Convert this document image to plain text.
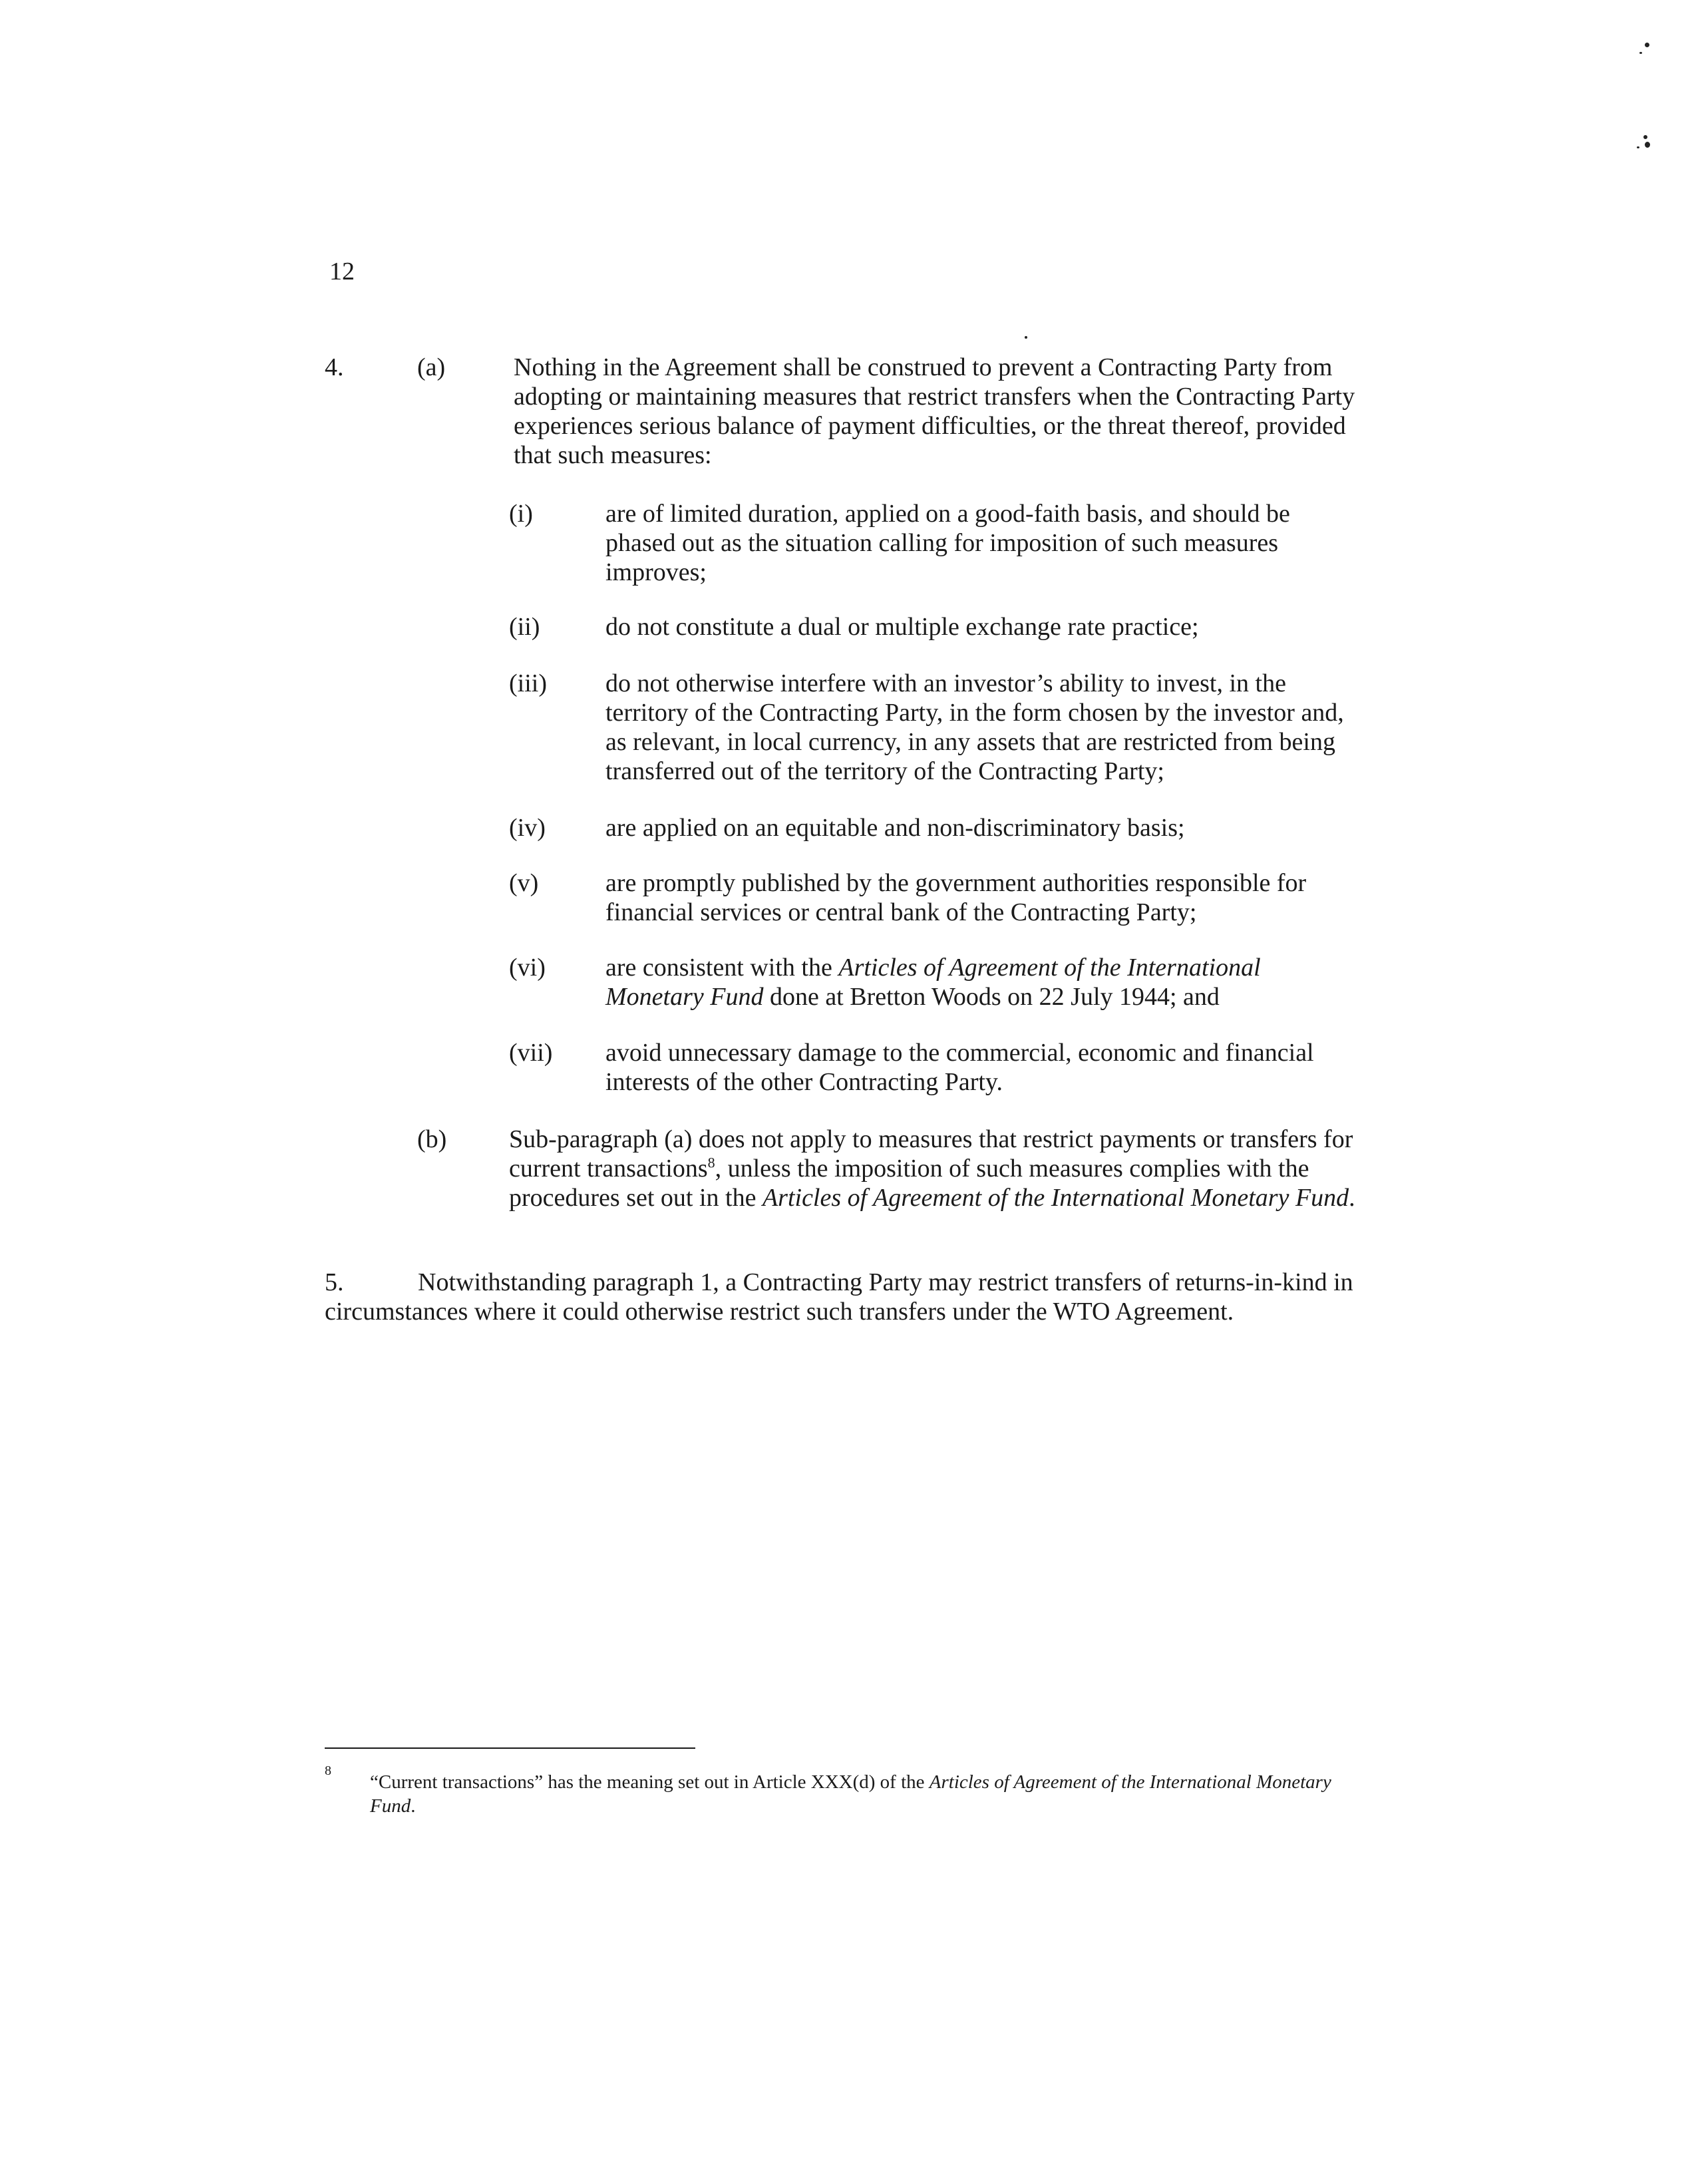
12
4.	(a)	Nothing in the Agreement shall be construed to prevent a Contracting Party from adopting or maintaining measures that restrict transfers when the Contracting Party experiences serious balance of payment difficulties, or the threat thereof, provided that such measures:
(i)	are of limited duration, applied on a good-faith basis, and should be phased out as the situation calling for imposition of such measures improves;
(ii)	do not constitute a dual or multiple exchange rate practice;
(iii) do not otherwise interfere with an investor’s ability to invest, in the territory of the Contracting Party, in the form chosen by the investor and, as relevant, in local currency, in any assets that are restricted from being transferred out of the territory of the Contracting Party;
(iv) are applied on an equitable and non-discriminatory basis;
(v)	are promptly published by the government authorities responsible for financial services or central bank of the Contracting Party;
(vi) are consistent with the Articles of Agreement of the International Monetary Fund done at Bretton Woods on 22 July 1944; and
(vii) avoid unnecessary damage to the commercial, economic and financial interests of the other Contracting Party.
(b) Sub-paragraph (a) does not apply to measures that restrict payments or transfers for current transactions$^8$, unless the imposition of such measures complies with the procedures set out in the Articles of Agreement of the International Monetary Fund.
5.	Notwithstanding paragraph 1, a Contracting Party may restrict transfers of returns-in-kind in circumstances where it could otherwise restrict such transfers under the WTO Agreement.
8
“Current transactions” has the meaning set out in Article XXX(d) of the Articles of Agreement of the International Monetary Fund.
